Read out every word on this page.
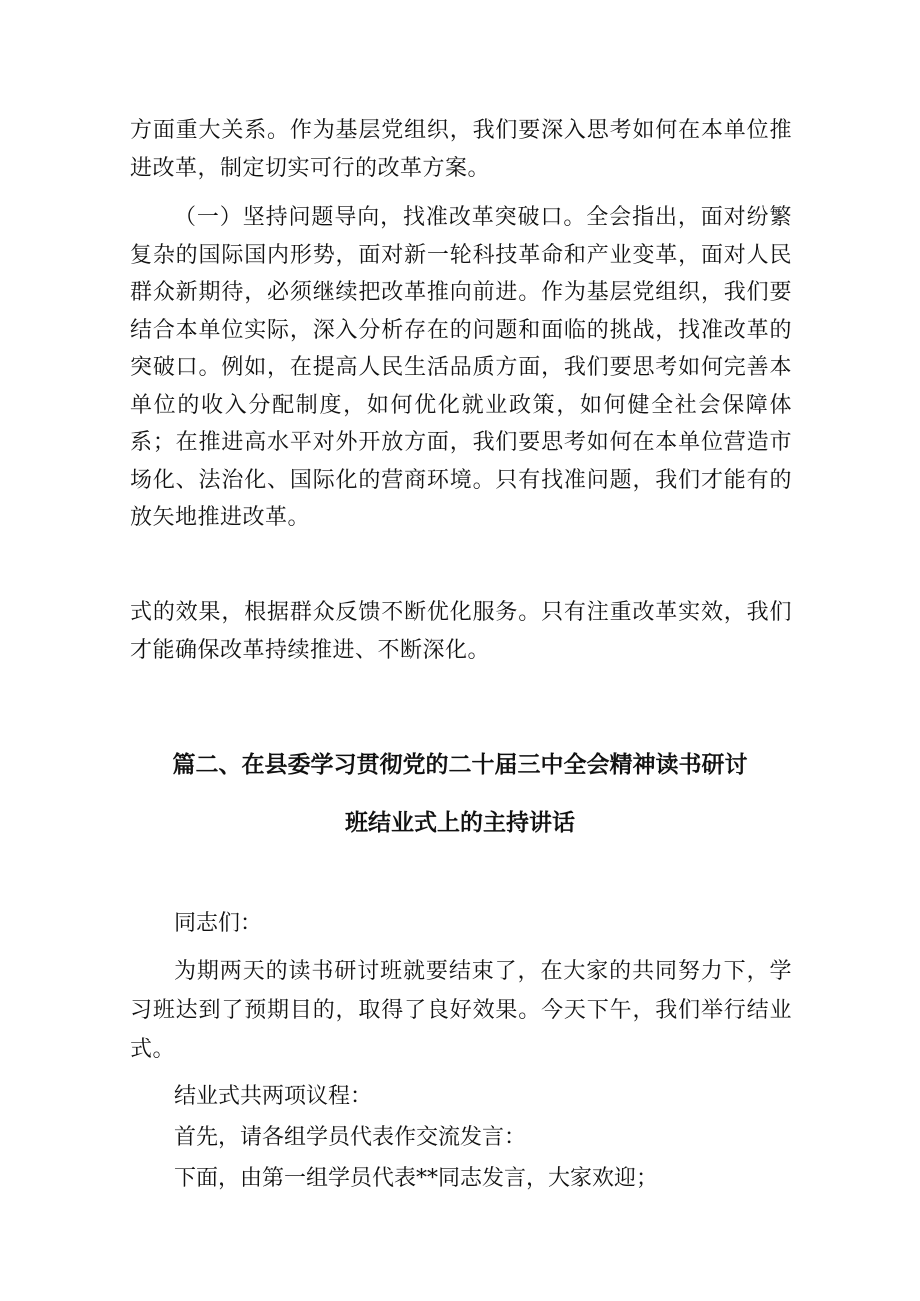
方面重大关系。作为基层党组织，我们要深入思考如何在本单位推进改革，制定切实可行的改革方案。

（一）坚持问题导向，找准改革突破口。全会指出，面对纷繁复杂的国际国内形势，面对新一轮科技革命和产业变革，面对人民群众新期待，必须继续把改革推向前进。作为基层党组织，我们要结合本单位实际，深入分析存在的问题和面临的挑战，找准改革的突破口。例如，在提高人民生活品质方面，我们要思考如何完善本单位的收入分配制度，如何优化就业政策，如何健全社会保障体系；在推进高水平对外开放方面，我们要思考如何在本单位营造市场化、法治化、国际化的营商环境。只有找准问题，我们才能有的放矢地推进改革。

式的效果，根据群众反馈不断优化服务。只有注重改革实效，我们才能确保改革持续推进、不断深化。

篇二、在县委学习贯彻党的二十届三中全会精神读书研讨
班结业式上的主持讲话

同志们：

为期两天的读书研讨班就要结束了，在大家的共同努力下，学习班达到了预期目的，取得了良好效果。今天下午，我们举行结业式。

结业式共两项议程：

首先，请各组学员代表作交流发言：

下面，由第一组学员代表**同志发言，大家欢迎；
